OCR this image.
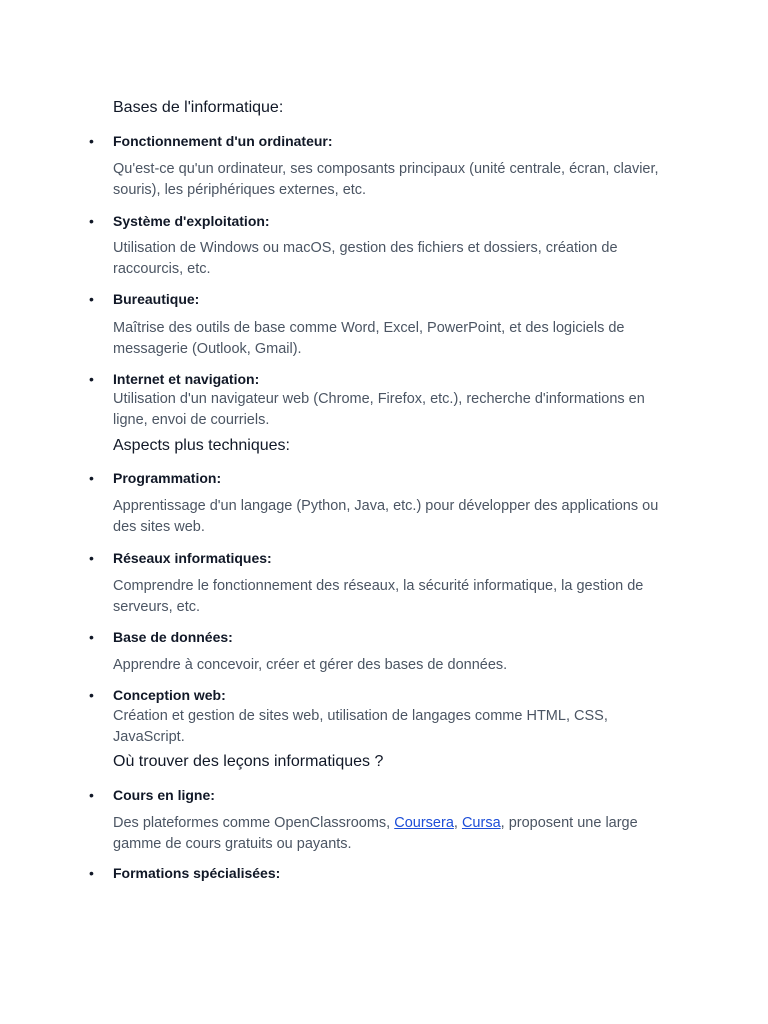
Bases de l'informatique:
• Fonctionnement d'un ordinateur:
Qu'est-ce qu'un ordinateur, ses composants principaux (unité centrale, écran, clavier, souris), les périphériques externes, etc.
• Système d'exploitation:
Utilisation de Windows ou macOS, gestion des fichiers et dossiers, création de raccourcis, etc.
• Bureautique:
Maîtrise des outils de base comme Word, Excel, PowerPoint, et des logiciels de messagerie (Outlook, Gmail).
• Internet et navigation:
Utilisation d'un navigateur web (Chrome, Firefox, etc.), recherche d'informations en ligne, envoi de courriels.
Aspects plus techniques:
• Programmation:
Apprentissage d'un langage (Python, Java, etc.) pour développer des applications ou des sites web.
• Réseaux informatiques:
Comprendre le fonctionnement des réseaux, la sécurité informatique, la gestion de serveurs, etc.
• Base de données:
Apprendre à concevoir, créer et gérer des bases de données.
• Conception web:
Création et gestion de sites web, utilisation de langages comme HTML, CSS, JavaScript.
Où trouver des leçons informatiques ?
• Cours en ligne:
Des plateformes comme OpenClassrooms, Coursera, Cursa, proposent une large gamme de cours gratuits ou payants.
• Formations spécialisées:
